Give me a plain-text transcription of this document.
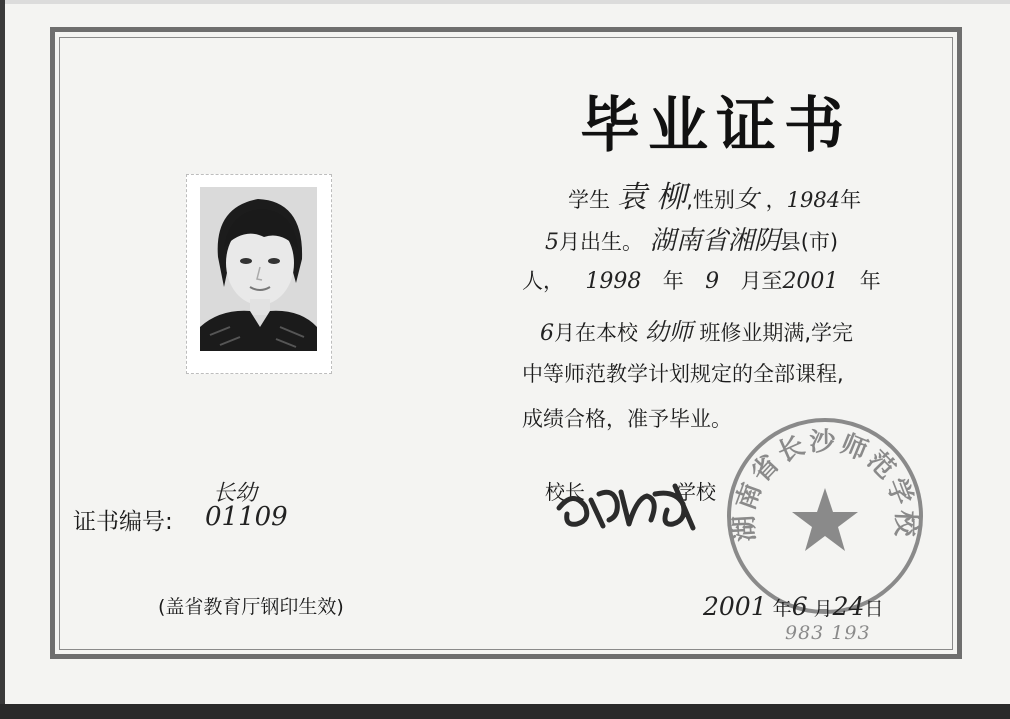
毕业证书
学生 袁 柳,性别女 ，1984年
5月出生。 湖南省湘阴县(市)
人， 1998 年 9 月至2001 年
6月在本校 幼师 班修业期满,学完
中等师范教学计划规定的全部课程,
成绩合格，准予毕业。
校长	学校
湖南省长沙师范学校
长幼
证书编号: 01109
(盖省教育厅钢印生效)	2001 年6 月24日
983 193
